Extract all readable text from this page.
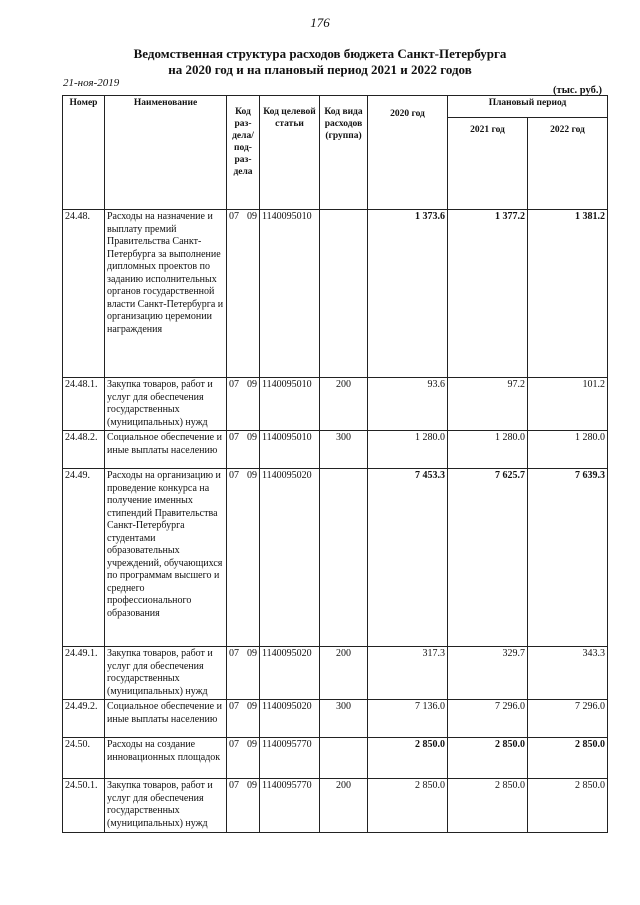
176
Ведомственная структура расходов бюджета Санкт-Петербурга
на 2020 год и на плановый период 2021 и 2022 годов
21-ноя-2019
(тыс. руб.)
Номер	Наименование	Код раз-дела/под-раз-дела	Код целевой статьи	Код вида расходов (группа)	2020 год	Плановый период	
						2021 год	2022 год
24.48.	Расходы на назначение и выплату премий Правительства Санкт-Петербурга за выполнение дипломных проектов по заданию исполнительных органов государственной власти Санкт-Петербурга и организацию церемонии награждения	07 09	1140095010		1 373.6	1 377.2	1 381.2
24.48.1.	Закупка товаров, работ и услуг для обеспечения государственных (муниципальных) нужд	07 09	1140095010	200	93.6	97.2	101.2
24.48.2.	Социальное обеспечение и иные выплаты населению	07 09	1140095010	300	1 280.0	1 280.0	1 280.0
24.49.	Расходы на организацию и проведение конкурса на получение именных стипендий Правительства Санкт-Петербурга студентами образовательных учреждений, обучающихся по программам высшего и среднего профессионального образования	07 09	1140095020		7 453.3	7 625.7	7 639.3
24.49.1.	Закупка товаров, работ и услуг для обеспечения государственных (муниципальных) нужд	07 09	1140095020	200	317.3	329.7	343.3
24.49.2.	Социальное обеспечение и иные выплаты населению	07 09	1140095020	300	7 136.0	7 296.0	7 296.0
24.50.	Расходы на создание инновационных площадок	07 09	1140095770		2 850.0	2 850.0	2 850.0
24.50.1.	Закупка товаров, работ и услуг для обеспечения государственных (муниципальных) нужд	07 09	1140095770	200	2 850.0	2 850.0	2 850.0
